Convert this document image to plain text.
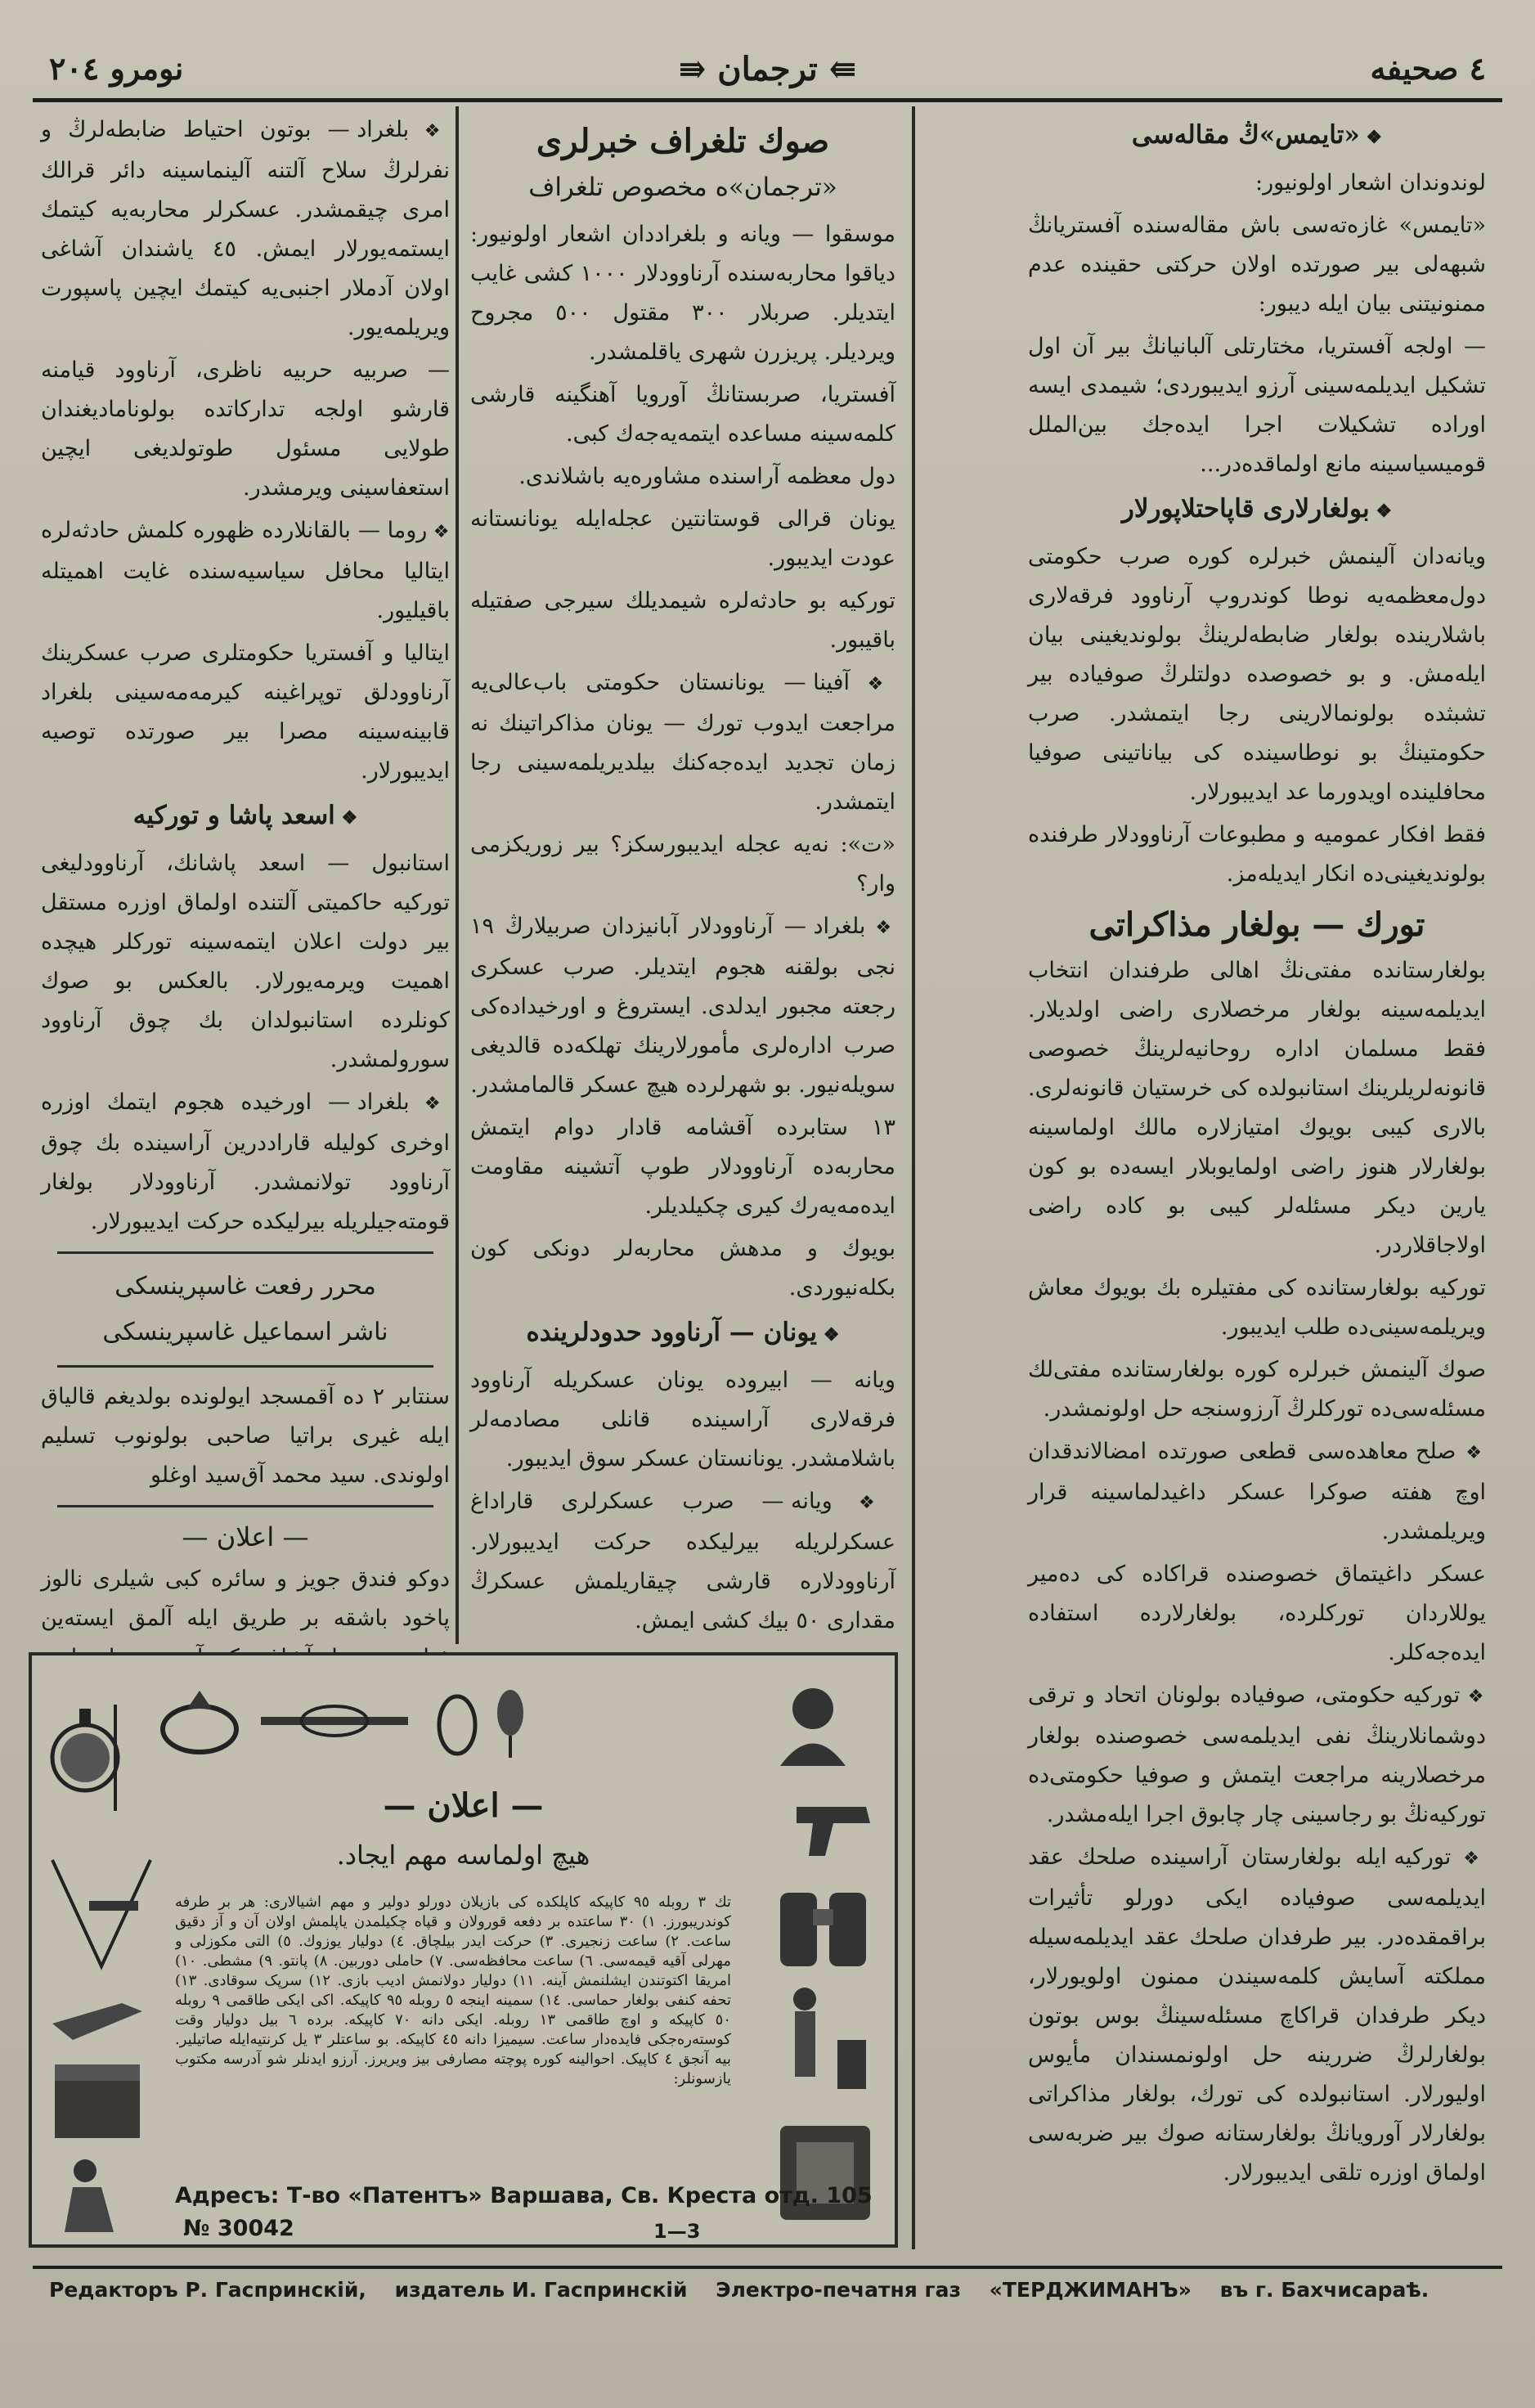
٤ صحیفه
⇚ ترجمان ⇛
نومرو ٢٠٤
❖ «تایمس»ڭ مقاله‌سی

لوندوندان اشعار اولونیور:

«تایمس» غازه‌ته‌سی باش مقاله‌سنده آفستریانڭ شبهه‌لی بیر صورتده اولان حرکتی حقینده عدم ممنونیتنی بیان ایله دیبور:

— اولجه آفستریا، مختارتلی آلبانیانڭ بیر آن اول تشکیل ایدیلمه‌سینی آرزو ایدیبوردی؛ شیمدی ایسه اوراده تشکیلات اجرا ایده‌جك بین‌الملل قومیسیاسینه مانع اولماقده‌در...

❖ بولغارلاری قاپاحتلاپورلار

ویانه‌دان آلینمش خبرلره کوره صرب حکومتی دول‌معظمه‌یه نوطا کوندروپ آرناوود فرقه‌لاری باشلارینده بولغار ضابطه‌لرینڭ بولوندیغینی بیان ایله‌مش. و بو خصوصده دولتلرڭ صوفیاده بیر تشبثده بولونمالارینی رجا ایتمشدر. صرب حکومتینڭ بو نوطاسینده کی بیاناتینی صوفیا محافلینده اویدورما عد ایدیبورلار.

فقط افکار عمومیه و مطبوعات آرناوودلار طرفنده بولوندیغینی‌ده انکار ایدیله‌مز.

تورك — بولغار مذاکراتی

بولغارستانده مفتی‌نڭ اهالی طرفندان انتخاب ایدیلمه‌سینه بولغار مرخصلاری راضی اولدیلار. فقط مسلمان اداره روحانیه‌لرینڭ خصوصی قانونه‌لریلرینك استانبولده کی خرستیان قانونه‌لری. بالاری کیبی بویوك امتیازلاره مالك اولماسینه بولغارلار هنوز راضی اولمایوبلار ایسه‌ده بو کون یارین دیکر مسئله‌لر کیبی بو کاده راضی اولاجاقلاردر.

تورکیه بولغارستانده کی مفتیلره بك بویوك معاش ویریلمه‌سینی‌ده طلب ایدیبور.

صوك آلینمش خبرلره کوره بولغارستانده مفتی‌لك مسئله‌سی‌ده تورکلرڭ آرزوسنجه حل اولونمشدر.

❖ صلح معاهده‌سی قطعی صورتده امضالاندقدان اوچ هفته صوکرا عسکر داغیدلماسینه قرار ویریلمشدر.

عسکر داغیتماق خصوصنده قراکاده کی ده‌میر یوللاردان تورکلرده، بولغارلارده استفاده ایده‌جه‌کلر.

❖ تورکیه حکومتی، صوفیاده بولونان اتحاد و ترقی دوشمانلارینڭ نفی ایدیلمه‌سی خصوصنده بولغار مرخصلارینه مراجعت ایتمش و صوفیا حکومتی‌ده تورکیه‌نڭ بو رجاسینی چار چابوق اجرا ایله‌مشدر.

❖ تورکیه ایله بولغارستان آراسینده صلحك عقد ایدیلمه‌سی صوفیاده ایکی دورلو تأثیرات براقمقده‌در. بیر طرفدان صلحك عقد ایدیلمه‌سیله مملکته آسایش کلمه‌سیندن ممنون اولویورلار، دیکر طرفدان قراکاچ مسئله‌سینڭ بوس بوتون بولغارلرڭ ضررینه حل اولونمسندان مأیوس اولیورلار. استانبولده کی تورك، بولغار مذاکراتی بولغارلار آورویانڭ بولغارستانه صوك بیر ضربه‌سی اولماق اوزره تلقی ایدیبورلار.

صوك تلغراف خبرلری
«ترجمان»ه مخصوص تلغراف

موسقوا — ویانه و بلغراددان اشعار اولونیور: دیاقوا محاربه‌سنده آرناوودلار ١٠٠٠ کشی غایب ایتدیلر. صربلار ٣٠٠ مقتول ٥٠٠ مجروح ویردیلر. پریزرن شهری یاقلمشدر.

آفستریا، صربستانڭ آورویا آهنگینه قارشی کلمه‌سینه مساعده ایتمه‌یه‌جه‌ك کبی.

دول معظمه آراسنده مشاوره‌یه باشلاندی.

یونان قرالی قوستانتین عجله‌ایله یونانستانه عودت ایدیبور.

تورکیه بو حادثه‌لره شیمدیلك سیرجی صفتیله باقیبور.

❖ آفینا — یونانستان حکومتی باب‌عالی‌یه مراجعت ایدوب تورك — یونان مذاکراتینك نه زمان تجدید ایده‌جه‌کنك بیلدیریلمه‌سینی رجا ایتمشدر.

«ت»: نه‌یه عجله ایدیبورسکز؟ بیر زوریکزمی وار؟

❖ بلغراد — آرناوودلار آبانیزدان صربیلارڭ ١٩ نجی بولقنه هجوم ایتدیلر. صرب عسکری رجعته مجبور ایدلدی. ایستروغ و اورخیداده‌کی صرب اداره‌لری مأمورلارینك تهلکه‌ده قالدیغی سویله‌نیور. بو شهرلرده هیچ عسکر قالمامشدر.

١٣ ستابرده آقشامه قادار دوام ایتمش محاربه‌ده آرناوودلار طوپ آتشینه مقاومت ایده‌مه‌یه‌رك کیری چکیلدیلر.

بویوك و مدهش محاربه‌لر دونکی کون بکله‌نیوردی.

❖ یونان — آرناوود حدودلرینده

ویانه — ابیروده یونان عسکریله آرناوود فرقه‌لاری آراسینده قانلی مصادمه‌لر باشلامشدر. یونانستان عسکر سوق ایدیبور.

❖ ویانه — صرب عسکرلری قاراداغ عسکرلریله بیرلیکده حرکت ایدیبورلار. آرناوودلاره قارشی چیقاریلمش عسکرڭ مقداری ٥٠ بیك کشی ایمش.

❖ بلغراد — بوتون احتیاط ضابطه‌لرڭ و نفرلرڭ سلاح آلتنه آلینماسینه دائر قرالك امری چیقمشدر. عسکرلر محاربه‌یه کیتمك ایستمه‌یورلار ایمش. ٤٥ یاشندان آشاغی اولان آدملار اجنبی‌یه کیتمك ایچین پاسپورت ویریلمه‌یور.

— صربیه حربیه ناظری، آرناوود قیامنه قارشو اولجه تدارکاتده بولونامادیغندان طولایی مسئول طوتولدیغی ایچین استعفاسینی ویرمشدر.

❖ روما — بالقانلارده ظهوره کلمش حادثه‌لره ایتالیا محافل سیاسیه‌سنده غایت اهمیتله باقیلیور.

ایتالیا و آفستریا حکومتلری صرب عسکرینك آرناوودلق توپراغینه کیرمه‌مه‌سینی بلغراد قابینه‌سینه مصرا بیر صورتده توصیه ایدیبورلار.

❖ اسعد پاشا و تورکیه

استانبول — اسعد پاشانك، آرناوودلیغی تورکیه حاکمیتی آلتنده اولماق اوزره مستقل بیر دولت اعلان ایتمه‌سینه تورکلر هیچده اهمیت ویرمه‌یورلار. بالعکس بو صوك کونلرده استانبولدان بك چوق آرناوود سورولمشدر.

❖ بلغراد — اورخیده هجوم ایتمك اوزره اوخری کولیله قاراددرین آراسینده بك چوق آرناوود تولانمشدر. آرناوودلار بولغار قومته‌جیلریله بیرلیکده حرکت ایدیبورلار.

محرر رفعت غاسپرینسکی
ناشر اسماعیل غاسپرینسکی

سنتابر ٢ ده آقمسجد ایولونده بولدیغم قالیاق ایله غیری براتیا صاحبی بولونوب تسلیم اولوندی. سید محمد آق‌سید اوغلو

— اعلان —

دوکو فندق جویز و سائره کبی شیلری نالوز پاخود باشقه بر طریق ایله آلمق ایسته‌ین

— اعلان —
هیچ اولماسه مهم ایجاد.
تك ٣ روبله ٩٥ کاپیکه کاپلکده کی بازیلان دورلو دولیر و مهم اشیالاری: هر بر طرفه کوندریبورز. ١) ٣٠ ساعتده بر دفعه قورولان و قپاه چکیلمدن یاپلمش اولان آن و آز دقیق ساعت. ٢) ساعت زنجیری. ٣) حرکت ایدر بیلچاق. ٤) دولیار یوزوك. ٥) التی مکوزلی و مهرلی آقیه قیمه‌سی. ٦) ساعت محافظه‌سی. ٧) حاملی دوربین. ٨) پانتو. ٩) مشطی. ١٠) امریقا اکتوتندن ایشلنمش آینه. ١١) دولیار دولانمش ادیب بازی. ١٢) سرپک سوقادی. ١٣) تحفه کنفی بولغار حماسی. ١٤) سمینه اینجه ٥ روبله ٩٥ کاپیکه. اکی ایکی طاقمی ٩ روبله ٥٠ کاپیکه و اوچ طاقمی ١٣ روبله. ایکی دانه ٧٠ کاپیکه. برده ٦ بیل دولیار وقت کوسته‌ره‌جکی فایده‌دار ساعت. سیمیزا دانه ٤٥ کاپیکه. بو ساعتلر ٣ یل کرنتیه‌ایله صاتیلیر. بیه آنجق ٤ کاپیک. احوالینه کوره پوچته مصارفی بیز ویریرز. آرزو ایدنلر شو آدرسه مکتوب یازسونلر:
Адресъ: Т-во «Патентъ» Варшава, Св. Креста отд. 105
№ 30042	1—3
Редакторъ Р. Гаспринскій, издатель И. Гаспринскій Электро-печатня газ «ТЕРДЖИМАНЪ» въ г. Бахчисараѣ.
